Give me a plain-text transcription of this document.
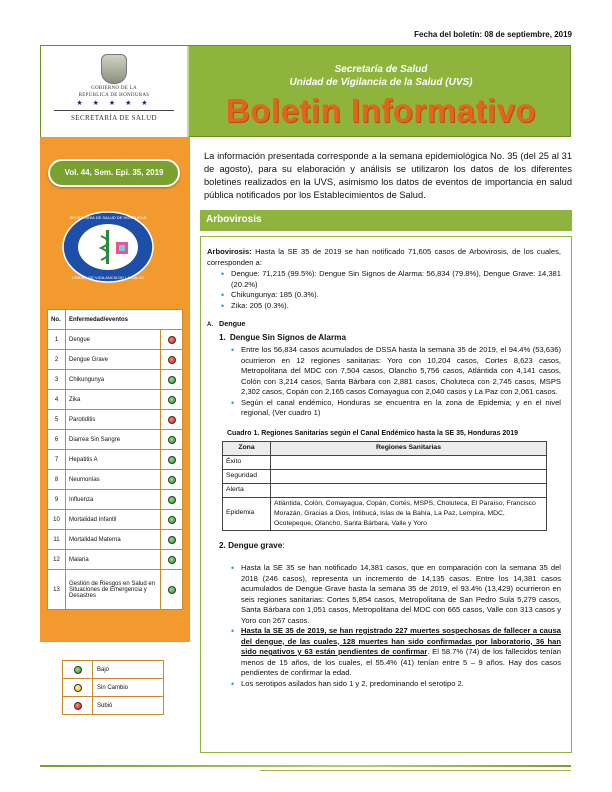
Fecha del boletín: 08 de septiembre, 2019
GOBIERNO DE LA
REPÚBLICA DE HONDURAS
★ ★ ★ ★ ★
SECRETARÍA DE SALUD
Secretaría de Salud
Unidad de Vigilancia de la Salud (UVS)
Boletin Informativo
Vol. 44, Sem. Epi. 35, 2019
SECRETARIA DE SALUD DE HONDURAS
UNIDAD DE VIGILANCIA DE LA SALUD
No.	Enfermedad/eventos	
1	Dengue	
2	Dengue Grave	
3	Chikungunya	
4	Zika	
5	Parotiditis	
6	Diarrea Sin Sangre	
7	Hepatitis A	
8	Neumonías	
9	Influenza	
10	Mortalidad Infantil	
11	Mortalidad Materna	
12	Malaria	
13	Gestión de Riesgos en Salud en Situaciones de Emergencia y Desastres	
	Bajo
	Sin Cambio
	Subió

La información presentada corresponde a la semana epidemiológica No. 35 (del 25 al 31 de agosto), para su elaboración y análisis se utilizaron los datos de los diferentes boletines realizados en la UVS, asimismo los datos de eventos de importancia en salud pública notificados por los Establecimientos de Salud.

Arbovirosis

Arbovirosis: Hasta la SE 35 de 2019 se han notificado 71,605 casos de Arbovirosis, de los cuales, corresponden a:

• Dengue: 71,215 (99.5%): Dengue Sin Signos de Alarma: 56,834 (79.8%), Dengue Grave: 14,381 (20.2%)
• Chikungunya: 185 (0.3%).
• Zika: 205 (0.3%).
A. Dengue
1. Dengue Sin Signos de Alarma
• Entre los 56,834 casos acumulados de DSSA hasta la semana 35 de 2019, el 94.4% (53,636) ocurrieron en 12 regiones sanitarias: Yoro con 10,204 casos, Cortes 8,623 casos, Metropolitana del MDC con 7,504 casos, Olancho 5,756 casos, Atlántida con 4,141 casos, Colón con 3,214 casos, Santa Bárbara con 2,881 casos, Choluteca con 2,745 casos, MSPS 2,302 casos, Copán con 2,165 casos Comayagua con 2,040 casos y La Paz con 2,061 casos.
• Según el canal endémico, Honduras se encuentra en la zona de Epidemia; y en el nivel regional, (Ver cuadro 1)
Cuadro 1. Regiones Sanitarias según el Canal Endémico hasta la SE 35, Honduras 2019
Zona	Regiones Sanitarias
Éxito	
Seguridad	
Alerta	
Epidemia	Atlántida, Colón, Comayagua, Copán, Cortés, MSPS, Choluteca, El Paraíso, Francisco Morazán, Gracias a Dios, Intibucá, Islas de la Bahía, La Paz, Lempira, MDC, Ocotepeque, Olancho, Santa Bárbara, Valle y Yoro
2. Dengue grave:
• Hasta la SE 35 se han notificado 14,381 casos, que en comparación con la semana 35 del 2018 (246 casos), representa un incremento de 14,135 casos. Entre los 14,381 casos acumulados de Dengue Grave hasta la semana 35 de 2019, el 93.4% (13,429) ocurrieron en seis regiones sanitarias: Cortes 5,854 casos, Metropolitana de San Pedro Sula 5,279 casos, Santa Bárbara con 1,051 casos, Metropolitana del MDC con 665 casos, Valle con 313 casos y Yoro con 267 casos.
• Hasta la SE 35 de 2019, se han registrado 227 muertes sospechosas de fallecer a causa del dengue, de las cuales, 128 muertes han sido confirmadas por laboratorio, 36 han sido negativos y 63 están pendientes de confirmar. El 58.7% (74) de los fallecidos tenían menos de 15 años, de los cuales, el 55.4% (41) tenían entre 5 – 9 años. Hay dos casos pendientes de confirmar la edad.
• Los serotipos asilados han sido 1 y 2, predominando el serotipo 2.
